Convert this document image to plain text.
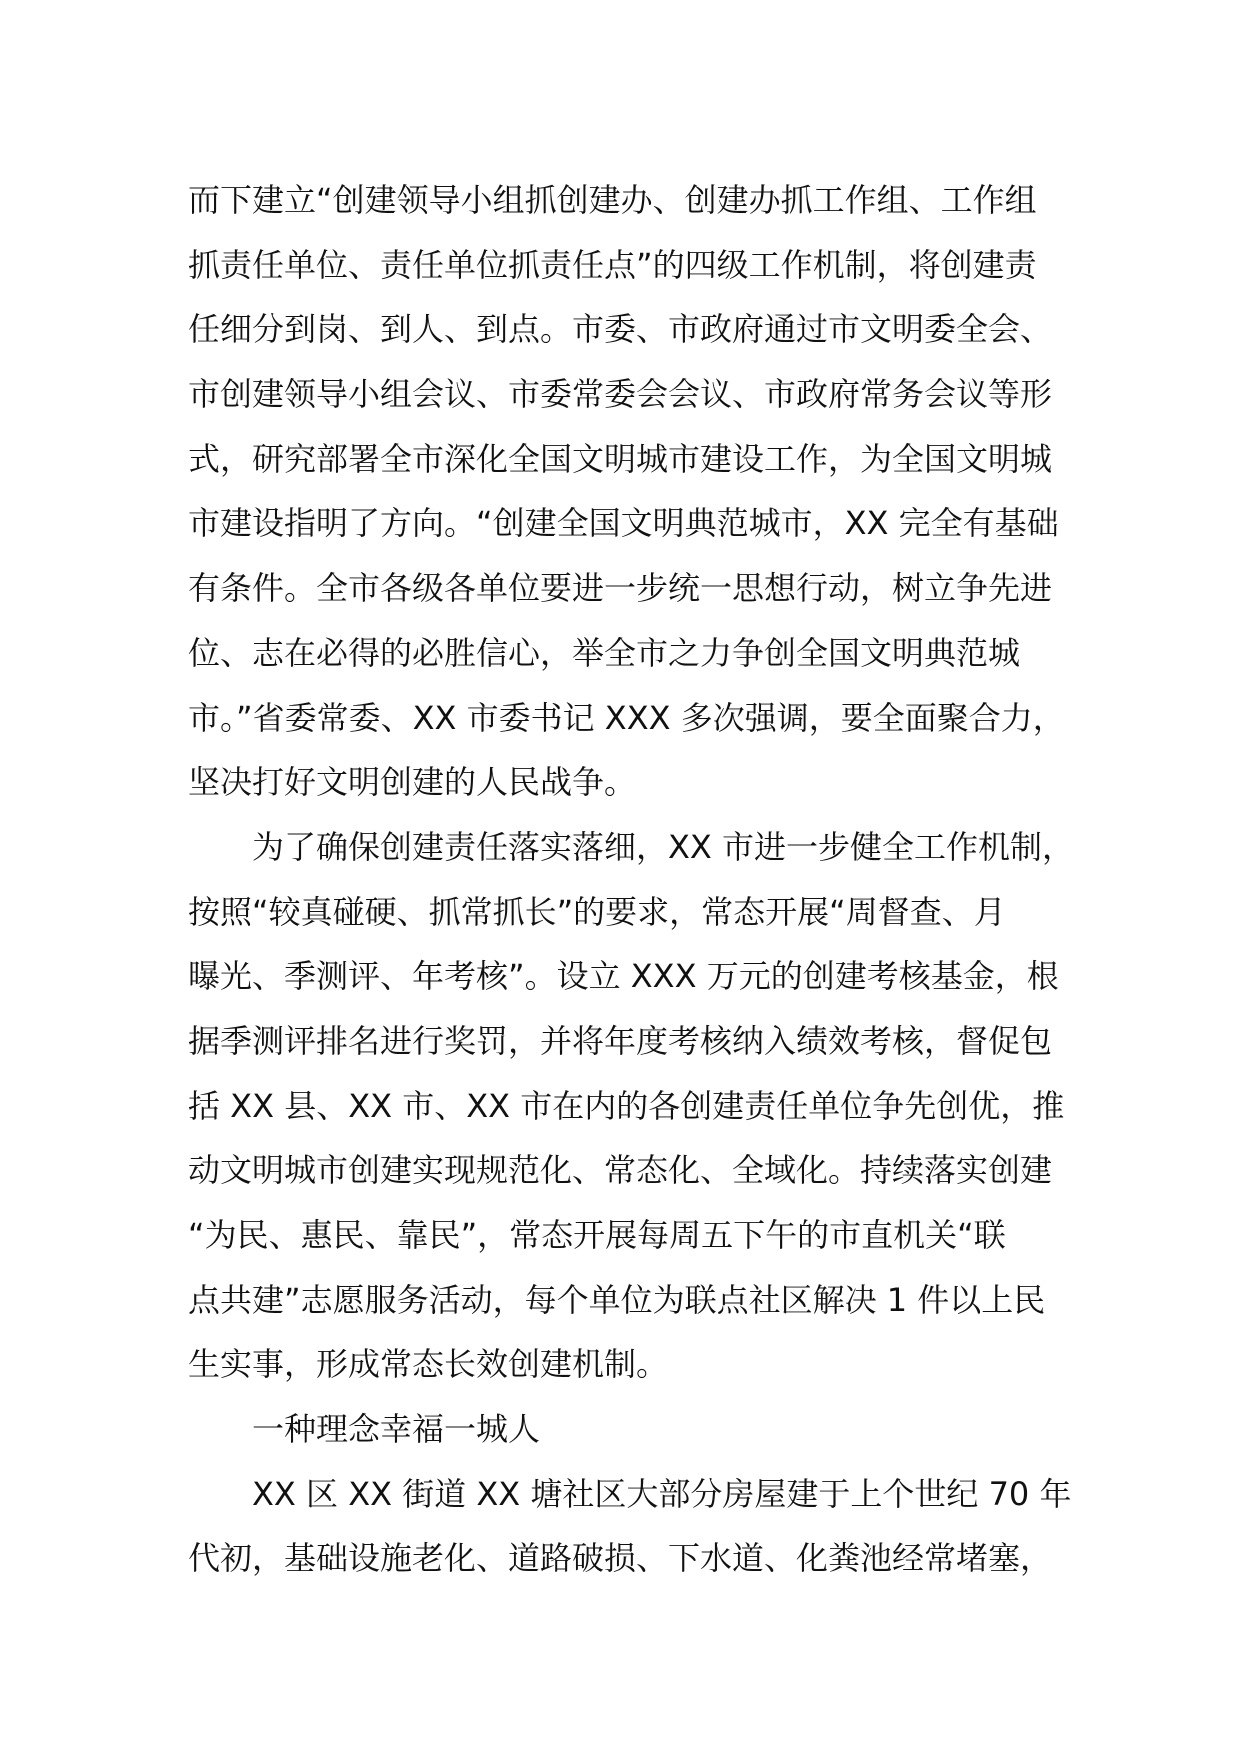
而下建立“创建领导小组抓创建办、创建办抓工作组、工作组
抓责任单位、责任单位抓责任点”的四级工作机制，将创建责
任细分到岗、到人、到点。市委、市政府通过市文明委全会、
市创建领导小组会议、市委常委会会议、市政府常务会议等形
式，研究部署全市深化全国文明城市建设工作，为全国文明城
市建设指明了方向。“创建全国文明典范城市，XX 完全有基础
有条件。全市各级各单位要进一步统一思想行动，树立争先进
位、志在必得的必胜信心，举全市之力争创全国文明典范城
市。”省委常委、XX 市委书记 XXX 多次强调，要全面聚合力，
坚决打好文明创建的人民战争。
为了确保创建责任落实落细，XX 市进一步健全工作机制，
按照“较真碰硬、抓常抓长”的要求，常态开展“周督查、月
曝光、季测评、年考核”。设立 XXX 万元的创建考核基金，根
据季测评排名进行奖罚，并将年度考核纳入绩效考核，督促包
括 XX 县、XX 市、XX 市在内的各创建责任单位争先创优，推
动文明城市创建实现规范化、常态化、全域化。持续落实创建
“为民、惠民、靠民”，常态开展每周五下午的市直机关“联
点共建”志愿服务活动，每个单位为联点社区解决 1 件以上民
生实事，形成常态长效创建机制。
一种理念幸福一城人
XX 区 XX 街道 XX 塘社区大部分房屋建于上个世纪 70 年
代初，基础设施老化、道路破损、下水道、化粪池经常堵塞，
